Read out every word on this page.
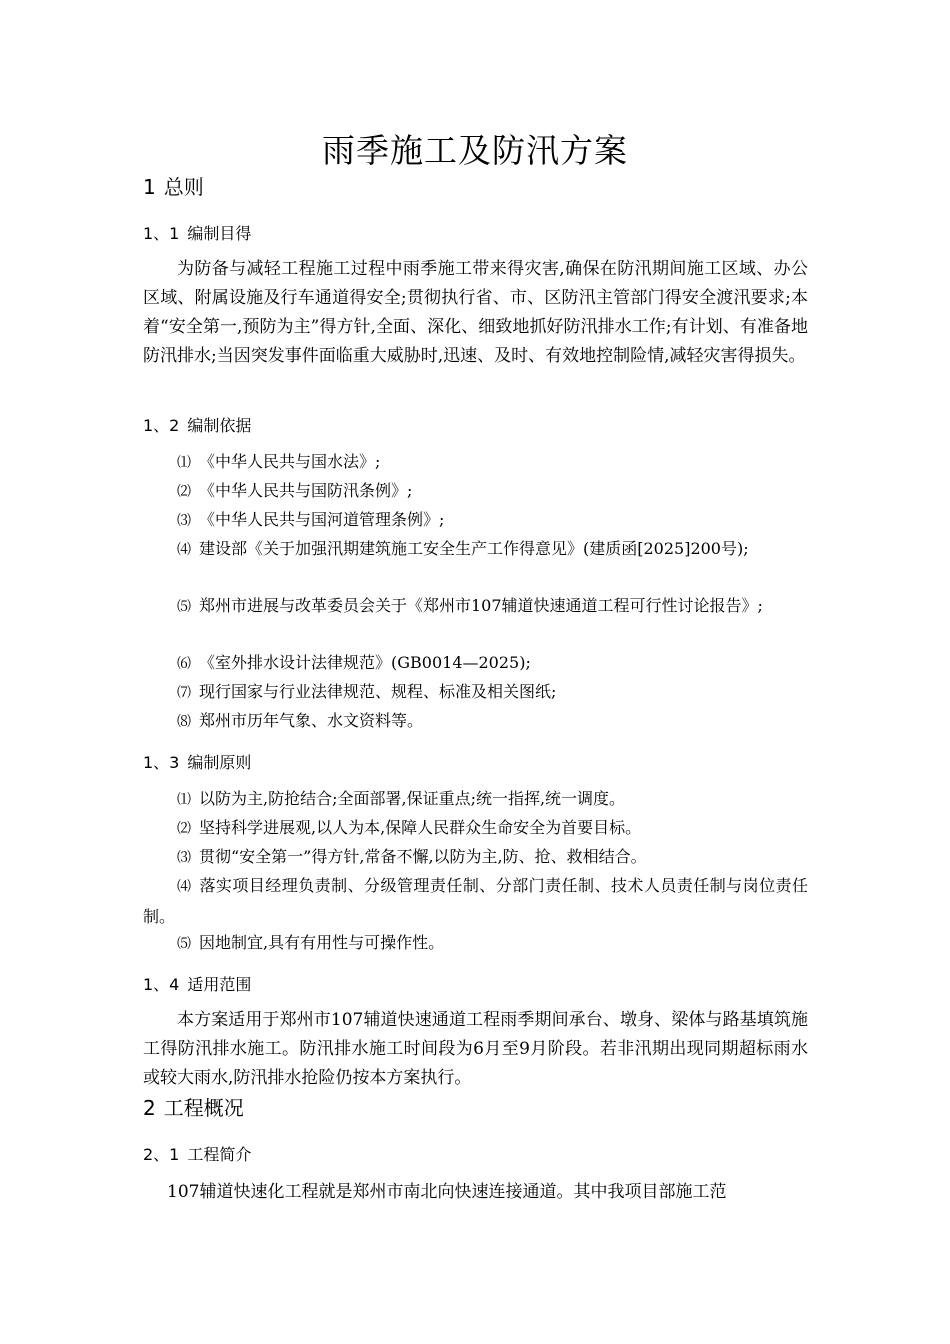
雨季施工及防汛方案
1 总则
1、1 编制目得
为防备与减轻工程施工过程中雨季施工带来得灾害,确保在防汛期间施工区域、办公区域、附属设施及行车通道得安全;贯彻执行省、市、区防汛主管部门得安全渡汛要求;本着“安全第一,预防为主”得方针,全面、深化、细致地抓好防汛排水工作;有计划、有准备地防汛排水;当因突发事件面临重大威胁时,迅速、及时、有效地控制险情,减轻灾害得损失。
1、2 编制依据
⑴ 《中华人民共与国水法》;
⑵ 《中华人民共与国防汛条例》;
⑶ 《中华人民共与国河道管理条例》;
⑷ 建设部《关于加强汛期建筑施工安全生产工作得意见》(建质函[2025]200号);
⑸ 郑州市进展与改革委员会关于《郑州市107辅道快速通道工程可行性讨论报告》;
⑹ 《室外排水设计法律规范》(GB0014—2025);
⑺ 现行国家与行业法律规范、规程、标准及相关图纸;
⑻ 郑州市历年气象、水文资料等。
1、3 编制原则
⑴ 以防为主,防抢结合;全面部署,保证重点;统一指挥,统一调度。
⑵ 坚持科学进展观,以人为本,保障人民群众生命安全为首要目标。
⑶ 贯彻“安全第一”得方针,常备不懈,以防为主,防、抢、救相结合。
⑷ 落实项目经理负责制、分级管理责任制、分部门责任制、技术人员责任制与岗位责任制。
⑸ 因地制宜,具有有用性与可操作性。
1、4 适用范围
本方案适用于郑州市107辅道快速通道工程雨季期间承台、墩身、梁体与路基填筑施工得防汛排水施工。防汛排水施工时间段为6月至9月阶段。若非汛期出现同期超标雨水或较大雨水,防汛排水抢险仍按本方案执行。
2 工程概况
2、1 工程简介
107辅道快速化工程就是郑州市南北向快速连接通道。其中我项目部施工范
